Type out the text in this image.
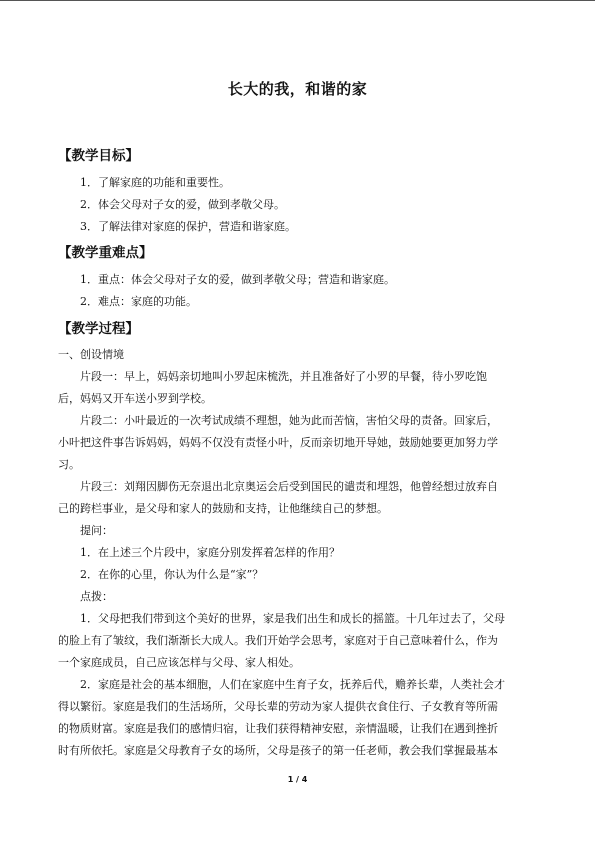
长大的我，和谐的家
【教学目标】
1．了解家庭的功能和重要性。
2．体会父母对子女的爱，做到孝敬父母。
3．了解法律对家庭的保护，营造和谐家庭。
【教学重难点】
1．重点：体会父母对子女的爱，做到孝敬父母；营造和谐家庭。
2．难点：家庭的功能。
【教学过程】
一、创设情境
片段一：早上，妈妈亲切地叫小罗起床梳洗，并且准备好了小罗的早餐，待小罗吃饱
后，妈妈又开车送小罗到学校。
片段二：小叶最近的一次考试成绩不理想，她为此而苦恼，害怕父母的责备。回家后，
小叶把这件事告诉妈妈，妈妈不仅没有责怪小叶，反而亲切地开导她，鼓励她要更加努力学
习。
片段三：刘翔因脚伤无奈退出北京奥运会后受到国民的谴责和埋怨，他曾经想过放弃自
己的跨栏事业，是父母和家人的鼓励和支持，让他继续自己的梦想。
提问：
1．在上述三个片段中，家庭分别发挥着怎样的作用？
2．在你的心里，你认为什么是“家”？
点拨：
1．父母把我们带到这个美好的世界，家是我们出生和成长的摇篮。十几年过去了，父母
的脸上有了皱纹，我们渐渐长大成人。我们开始学会思考，家庭对于自己意味着什么，作为
一个家庭成员，自己应该怎样与父母、家人相处。
2．家庭是社会的基本细胞，人们在家庭中生育子女，抚养后代，赡养长辈，人类社会才
得以繁衍。家庭是我们的生活场所，父母长辈的劳动为家人提供衣食住行、子女教育等所需
的物质财富。家庭是我们的感情归宿，让我们获得精神安慰，亲情温暖，让我们在遇到挫折
时有所依托。家庭是父母教育子女的场所，父母是孩子的第一任老师，教会我们掌握最基本
1 / 4
